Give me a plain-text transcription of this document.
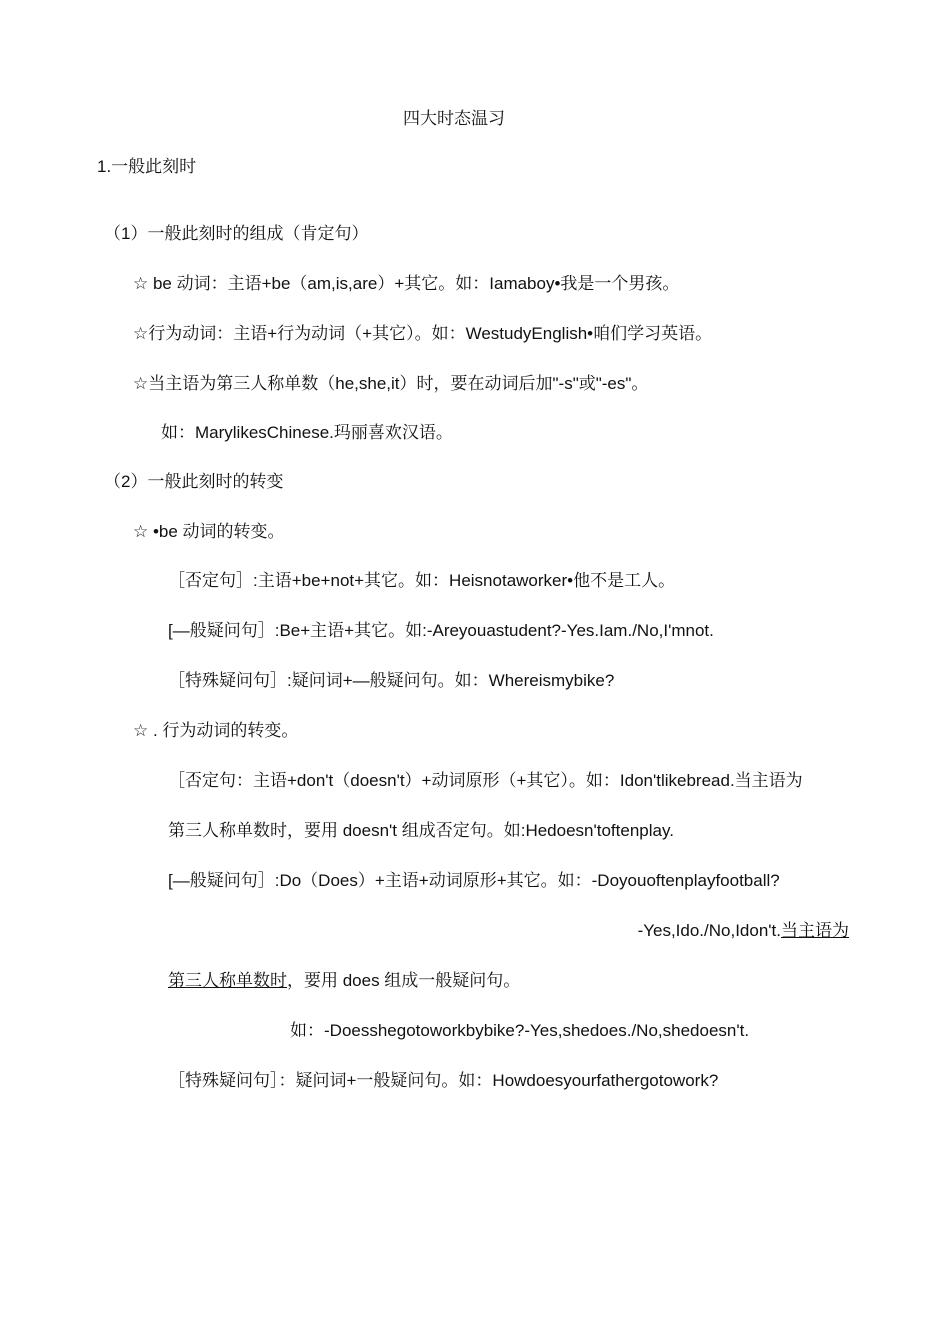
四大时态温习
1.一般此刻时
（1）一般此刻时的组成（肯定句）
☆ be 动词：主语+be（am,is,are）+其它。如：Iamaboy•我是一个男孩。
☆行为动词：主语+行为动词（+其它）。如：WestudyEnglish•咱们学习英语。
☆当主语为第三人称单数（he,she,it）时，要在动词后加"-s"或"-es"。
如：MarylikesChinese.玛丽喜欢汉语。
（2）一般此刻时的转变
☆ •be 动词的转变。
［否定句］:主语+be+not+其它。如：Heisnotaworker•他不是工人。
[—般疑问句］:Be+主语+其它。如:-Areyouastudent?-Yes.Iam./No,I'mnot.
［特殊疑问句］:疑问词+—般疑问句。如：Whereismybike?
☆ . 行为动词的转变。
［否定句：主语+don't（doesn't）+动词原形（+其它）。如：Idon'tlikebread.当主语为
第三人称单数时，要用 doesn't 组成否定句。如:Hedoesn'toftenplay.
[—般疑问句］:Do（Does）+主语+动词原形+其它。如：-Doyouoftenplayfootball?
-Yes,Ido./No,Idon't.当主语为
第三人称单数时，要用 does 组成一般疑问句。
如：-Doesshegotoworkbybike?-Yes,shedoes./No,shedoesn't.
［特殊疑问句］：疑问词+一般疑问句。如：Howdoesyourfathergotowork?
